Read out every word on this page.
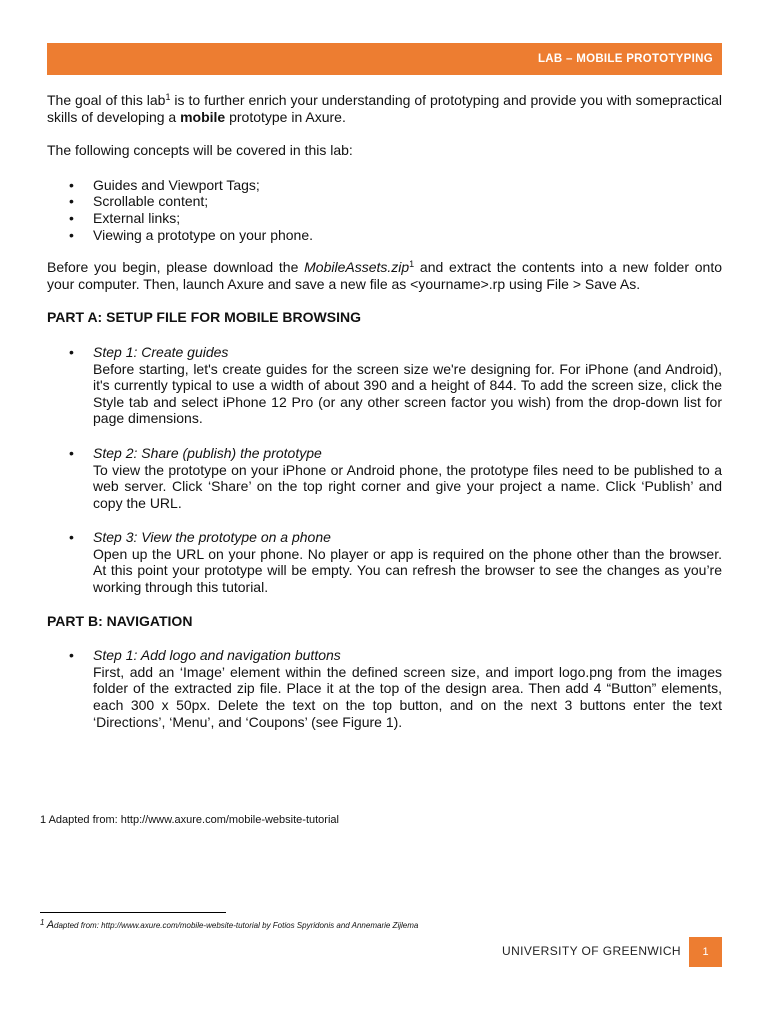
LAB – MOBILE PROTOTYPING

The goal of this lab$^1$ is to further enrich your understanding of prototyping and provide you with somepractical skills of developing a mobile prototype in Axure.

The following concepts will be covered in this lab:

• Guides and Viewport Tags;
• Scrollable content;
• External links;
• Viewing a prototype on your phone.

Before you begin, please download the MobileAssets.zip$^1$ and extract the contents into a new folder onto your computer. Then, launch Axure and save a new file as <yourname>.rp using File > Save As.

PART A: SETUP FILE FOR MOBILE BROWSING

• Step 1: Create guides
Before starting, let's create guides for the screen size we're designing for. For iPhone (and Android), it's currently typical to use a width of about 390 and a height of 844. To add the screen size, click the Style tab and select iPhone 12 Pro (or any other screen factor you wish) from the drop-down list for page dimensions.
• Step 2: Share (publish) the prototype
To view the prototype on your iPhone or Android phone, the prototype files need to be published to a web server. Click ‘Share’ on the top right corner and give your project a name. Click ‘Publish’ and copy the URL.
• Step 3: View the prototype on a phone
Open up the URL on your phone. No player or app is required on the phone other than the browser. At this point your prototype will be empty. You can refresh the browser to see the changes as you’re working through this tutorial.

PART B: NAVIGATION

• Step 1: Add logo and navigation buttons
First, add an ‘Image’ element within the defined screen size, and import logo.png from the images folder of the extracted zip file. Place it at the top of the design area. Then add 4 “Button” elements, each 300 x 50px. Delete the text on the top button, and on the next 3 buttons enter the text ‘Directions’, ‘Menu’, and ‘Coupons’ (see Figure 1).
1 Adapted from: http://www.axure.com/mobile-website-tutorial
1 Adapted from: http://www.axure.com/mobile-website-tutorial by Fotios Spyridonis and Annemarie Zijlema
UNIVERSITY OF GREENWICH 1
